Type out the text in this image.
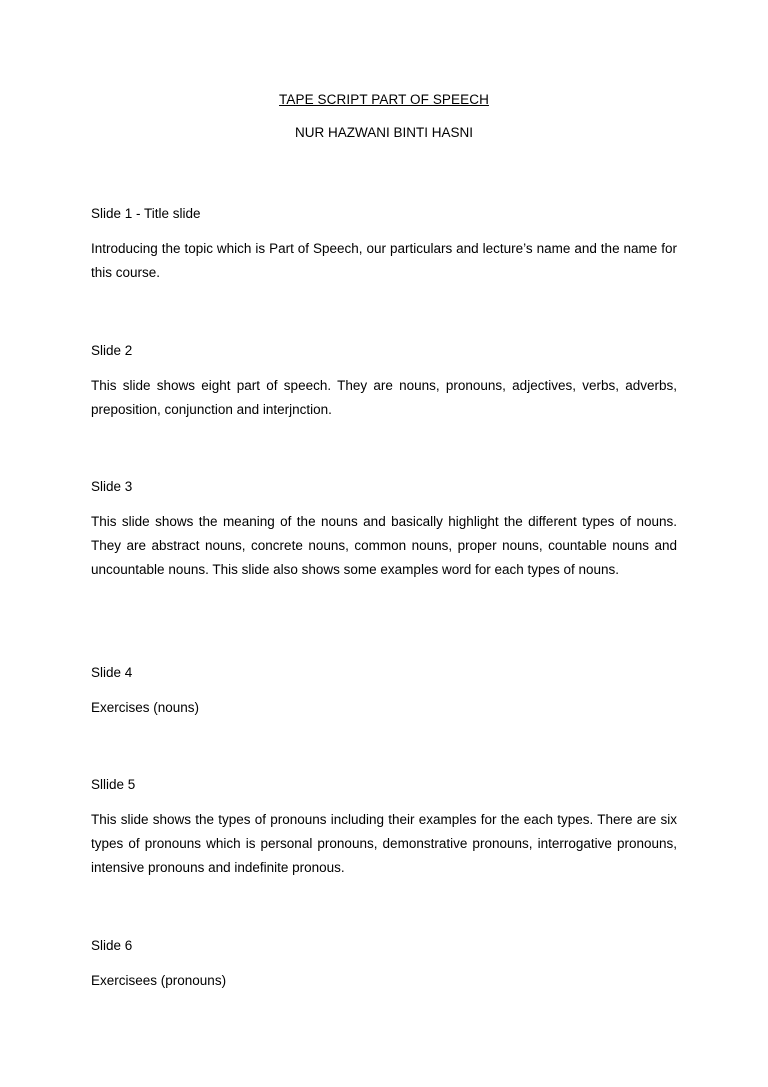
TAPE SCRIPT PART OF SPEECH
NUR HAZWANI BINTI HASNI
Slide 1 - Title slide
Introducing the topic which is Part of Speech, our particulars and lecture’s name and the name for this course.
Slide 2
This slide shows eight part of speech. They are nouns, pronouns, adjectives, verbs, adverbs, preposition, conjunction and interjnction.
Slide 3
This slide shows the meaning of the nouns and basically highlight the different types of nouns. They are abstract nouns, concrete nouns, common nouns, proper nouns, countable nouns and uncountable nouns. This slide also shows some examples word for each types of nouns.
Slide 4
Exercises (nouns)
Sllide 5
This slide shows the types of pronouns including their examples for the each types. There are six types of pronouns which is personal pronouns, demonstrative pronouns, interrogative pronouns, intensive pronouns and indefinite pronous.
Slide 6
Exercisees (pronouns)
